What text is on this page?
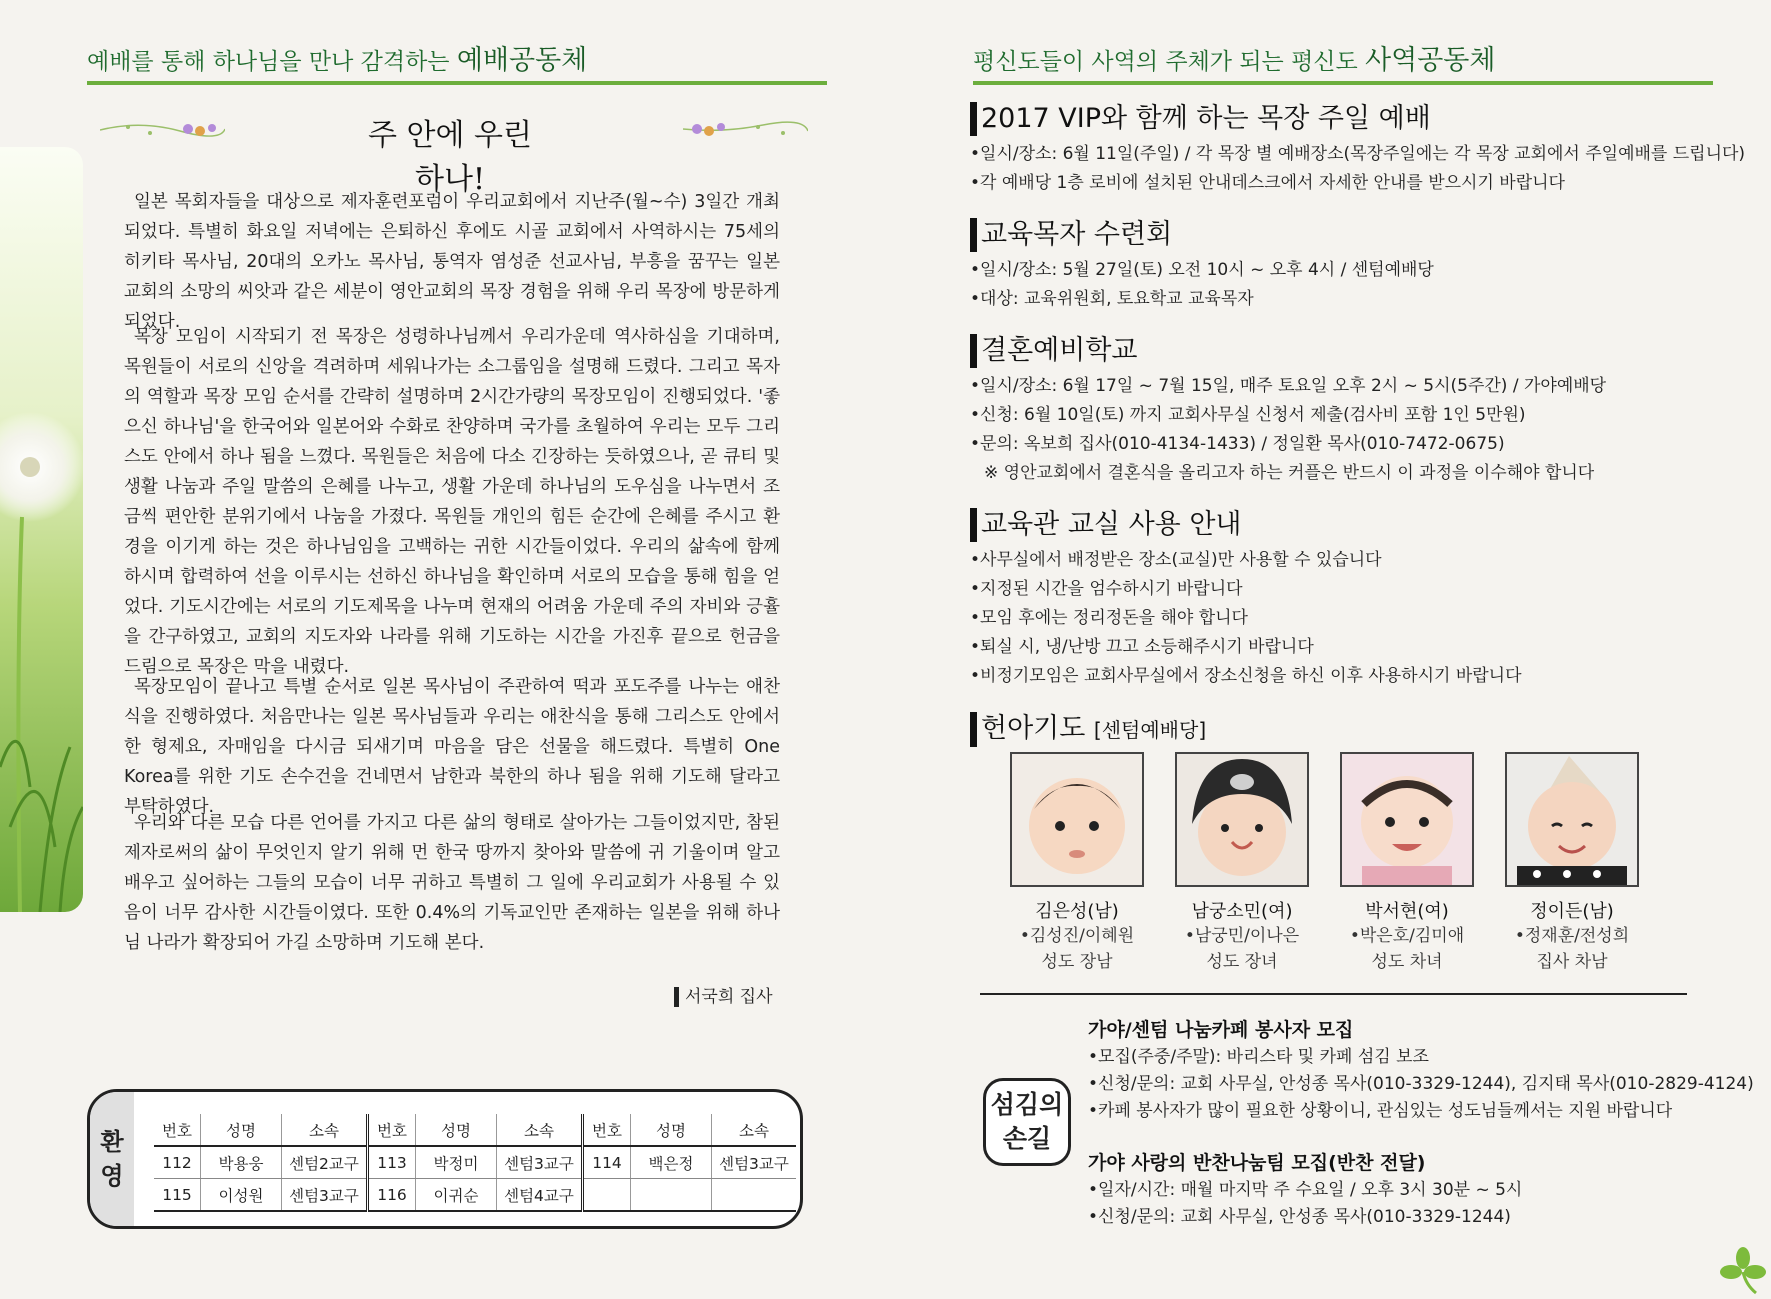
예배를 통해 하나님을 만나 감격하는 예배공동체
주 안에 우린 하나!

일본 목회자들을 대상으로 제자훈련포럼이 우리교회에서 지난주(월~수) 3일간 개최 되었다. 특별히 화요일 저녁에는 은퇴하신 후에도 시골 교회에서 사역하시는 75세의 히키타 목사님, 20대의 오카노 목사님, 통역자 염성준 선교사님, 부흥을 꿈꾸는 일본 교회의 소망의 씨앗과 같은 세분이 영안교회의 목장 경험을 위해 우리 목장에 방문하게 되었다.

목장 모임이 시작되기 전 목장은 성령하나님께서 우리가운데 역사하심을 기대하며, 목원들이 서로의 신앙을 격려하며 세워나가는 소그룹임을 설명해 드렸다. 그리고 목자의 역할과 목장 모임 순서를 간략히 설명하며 2시간가량의 목장모임이 진행되었다. '좋으신 하나님'을 한국어와 일본어와 수화로 찬양하며 국가를 초월하여 우리는 모두 그리스도 안에서 하나 됨을 느꼈다. 목원들은 처음에 다소 긴장하는 듯하였으나, 곧 큐티 및 생활 나눔과 주일 말씀의 은혜를 나누고, 생활 가운데 하나님의 도우심을 나누면서 조금씩 편안한 분위기에서 나눔을 가졌다. 목원들 개인의 힘든 순간에 은혜를 주시고 환경을 이기게 하는 것은 하나님임을 고백하는 귀한 시간들이었다. 우리의 삶속에 함께 하시며 합력하여 선을 이루시는 선하신 하나님을 확인하며 서로의 모습을 통해 힘을 얻었다. 기도시간에는 서로의 기도제목을 나누며 현재의 어려움 가운데 주의 자비와 긍휼을 간구하였고, 교회의 지도자와 나라를 위해 기도하는 시간을 가진후 끝으로 헌금을 드림으로 목장은 막을 내렸다.

목장모임이 끝나고 특별 순서로 일본 목사님이 주관하여 떡과 포도주를 나누는 애찬식을 진행하였다. 처음만나는 일본 목사님들과 우리는 애찬식을 통해 그리스도 안에서 한 형제요, 자매임을 다시금 되새기며 마음을 담은 선물을 해드렸다. 특별히 One Korea를 위한 기도 손수건을 건네면서 남한과 북한의 하나 됨을 위해 기도해 달라고 부탁하였다.

우리와 다른 모습 다른 언어를 가지고 다른 삶의 형태로 살아가는 그들이었지만, 참된 제자로써의 삶이 무엇인지 알기 위해 먼 한국 땅까지 찾아와 말씀에 귀 기울이며 알고 배우고 싶어하는 그들의 모습이 너무 귀하고 특별히 그 일에 우리교회가 사용될 수 있음이 너무 감사한 시간들이였다. 또한 0.4%의 기독교인만 존재하는 일본을 위해 하나님 나라가 확장되어 가길 소망하며 기도해 본다.

서국희 집사
환
영
번호	성명	소속	번호	성명	소속	번호	성명	소속
112	박용웅	센텀2교구	113	박정미	센텀3교구	114	백은정	센텀3교구
115	이성원	센텀3교구	116	이귀순	센텀4교구			
평신도들이 사역의 주체가 되는 평신도 사역공동체
2017 VIP와 함께 하는 목장 주일 예배
•일시/장소: 6월 11일(주일) / 각 목장 별 예배장소(목장주일에는 각 목장 교회에서 주일예배를 드립니다)
•각 예배당 1층 로비에 설치된 안내데스크에서 자세한 안내를 받으시기 바랍니다
교육목자 수련회
•일시/장소: 5월 27일(토) 오전 10시 ~ 오후 4시 / 센텀예배당
•대상: 교육위원회, 토요학교 교육목자
결혼예비학교
•일시/장소: 6월 17일 ~ 7월 15일, 매주 토요일 오후 2시 ~ 5시(5주간) / 가야예배당
•신청: 6월 10일(토) 까지 교회사무실 신청서 제출(검사비 포함 1인 5만원)
•문의: 옥보희 집사(010-4134-1433) / 정일환 목사(010-7472-0675)
※ 영안교회에서 결혼식을 올리고자 하는 커플은 반드시 이 과정을 이수해야 합니다
교육관 교실 사용 안내
•사무실에서 배정받은 장소(교실)만 사용할 수 있습니다
•지정된 시간을 엄수하시기 바랍니다
•모임 후에는 정리정돈을 해야 합니다
•퇴실 시, 냉/난방 끄고 소등해주시기 바랍니다
•비정기모임은 교회사무실에서 장소신청을 하신 이후 사용하시기 바랍니다
헌아기도 [센텀예배당]
김은성(남)
•김성진/이혜원
성도 장남
남궁소민(여)
•남궁민/이나은
성도 장녀
박서현(여)
•박은호/김미애
성도 차녀
정이든(남)
•정재훈/전성희
집사 차남
섬김의
손길
가야/센텀 나눔카페 봉사자 모집
•모집(주중/주말): 바리스타 및 카페 섬김 보조
•신청/문의: 교회 사무실, 안성종 목사(010-3329-1244), 김지태 목사(010-2829-4124)
•카페 봉사자가 많이 필요한 상황이니, 관심있는 성도님들께서는 지원 바랍니다
가야 사랑의 반찬나눔팀 모집(반찬 전달)
•일자/시간: 매월 마지막 주 수요일 / 오후 3시 30분 ~ 5시
•신청/문의: 교회 사무실, 안성종 목사(010-3329-1244)
